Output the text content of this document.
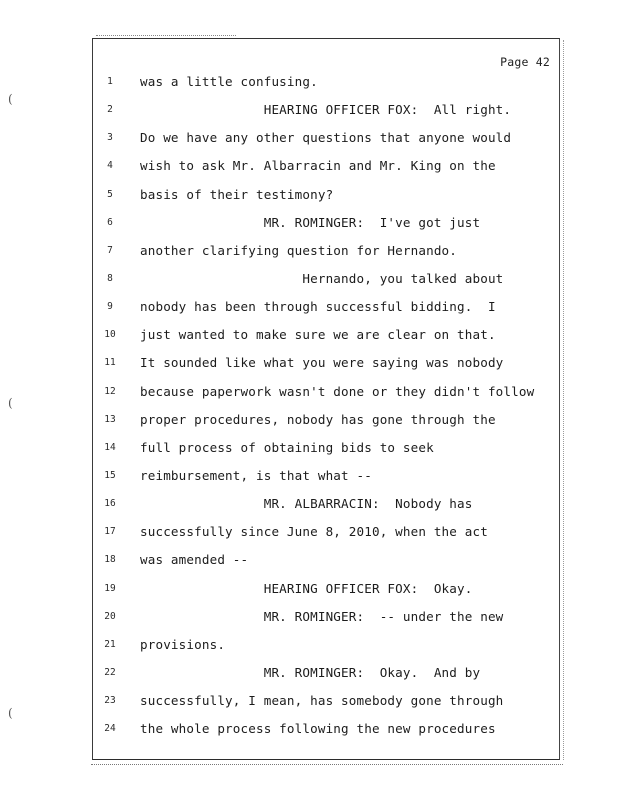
(
(
(
Page 42
1	was a little confusing.
2	HEARING OFFICER FOX:  All right.
3	Do we have any other questions that anyone would
4	wish to ask Mr. Albarracin and Mr. King on the
5	basis of their testimony?
6	MR. ROMINGER:  I've got just
7	another clarifying question for Hernando.
8	Hernando, you talked about
9	nobody has been through successful bidding.  I
10	just wanted to make sure we are clear on that.
11	It sounded like what you were saying was nobody
12	because paperwork wasn't done or they didn't follow
13	proper procedures, nobody has gone through the
14	full process of obtaining bids to seek
15	reimbursement, is that what --
16	MR. ALBARRACIN:  Nobody has
17	successfully since June 8, 2010, when the act
18	was amended --
19	HEARING OFFICER FOX:  Okay.
20	MR. ROMINGER:  -- under the new
21	provisions.
22	MR. ROMINGER:  Okay.  And by
23	successfully, I mean, has somebody gone through
24	the whole process following the new procedures
